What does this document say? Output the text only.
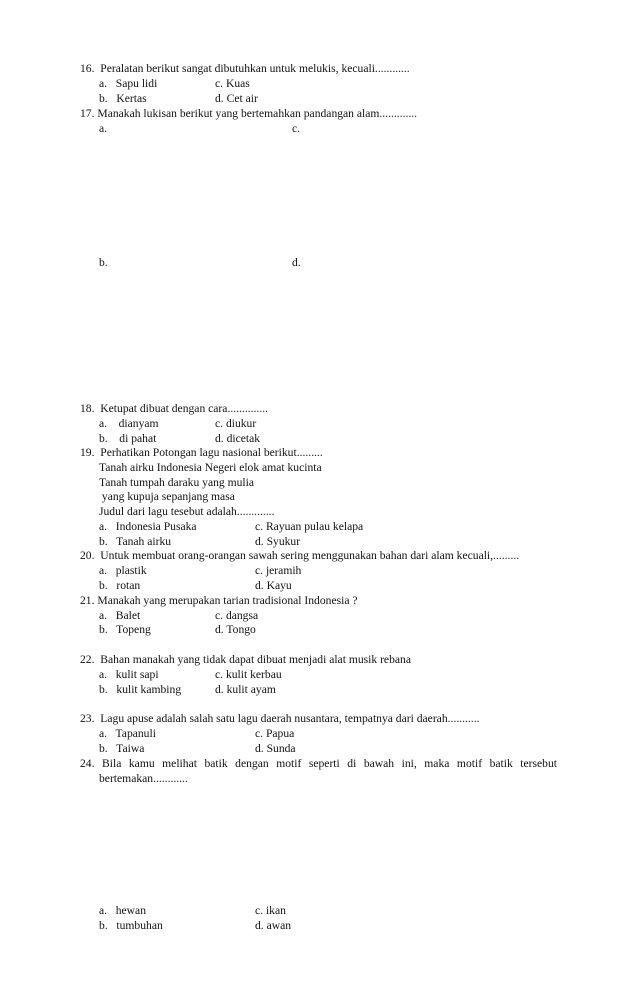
16.  Peralatan berikut sangat dibutuhkan untuk melukis, kecuali............
a.   Sapu lidi	c. Kuas
b.   Kertas	d. Cet air
17. Manakah lukisan berikut yang bertemahkan pandangan alam.............
a.	c.
b.	d.
18.  Ketupat dibuat dengan cara..............
a.    dianyam	c. diukur
b.    di pahat	d. dicetak
19.  Perhatikan Potongan lagu nasional berikut.........
Tanah airku Indonesia Negeri elok amat kucinta
Tanah tumpah daraku yang mulia
yang kupuja sepanjang masa
Judul dari lagu tesebut adalah.............
a.   Indonesia Pusaka	c. Rayuan pulau kelapa
b.   Tanah airku	d. Syukur
20.  Untuk membuat orang-orangan sawah sering menggunakan bahan dari alam kecuali,.........
a.   plastik	c. jeramih
b.   rotan	d. Kayu
21. Manakah yang merupakan tarian tradisional Indonesia ?
a.   Balet	c. dangsa
b.   Topeng	d. Tongo
22.  Bahan manakah yang tidak dapat dibuat menjadi alat musik rebana
a.   kulit sapi	c. kulit kerbau
b.   kulit kambing	d. kulit ayam
23.  Lagu apuse adalah salah satu lagu daerah nusantara, tempatnya dari daerah...........
a.   Tapanuli	c. Papua
b.   Taiwa	d. Sunda
24. Bila kamu melihat batik dengan motif seperti di bawah ini, maka motif batik tersebut
bertemakan............
a.   hewan	c. ikan
b.   tumbuhan	d. awan
